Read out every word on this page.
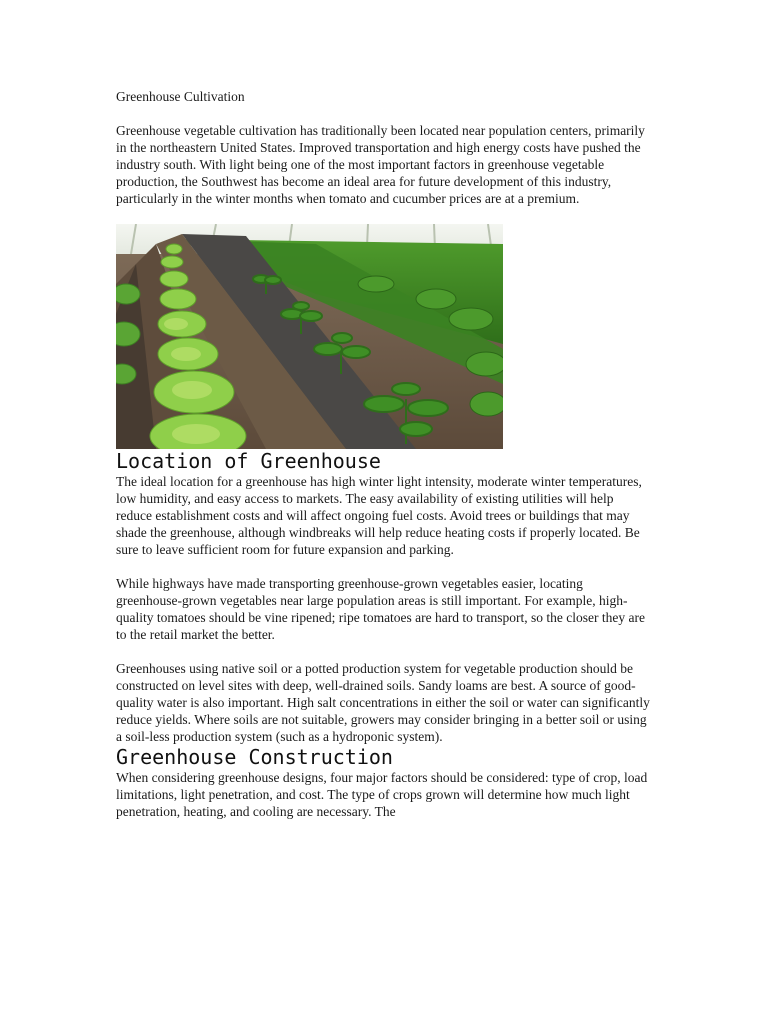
Greenhouse Cultivation

Greenhouse vegetable cultivation has traditionally been located near population centers, primarily in the northeastern United States. Improved transportation and high energy costs have pushed the industry south. With light being one of the most important factors in greenhouse vegetable production, the Southwest has become an ideal area for future development of this industry, particularly in the winter months when tomato and cucumber prices are at a premium.

Location of Greenhouse

The ideal location for a greenhouse has high winter light intensity, moderate winter temperatures, low humidity, and easy access to markets. The easy availability of existing utilities will help reduce establishment costs and will affect ongoing fuel costs. Avoid trees or buildings that may shade the greenhouse, although windbreaks will help reduce heating costs if properly located. Be sure to leave sufficient room for future expansion and parking.

While highways have made transporting greenhouse-grown vegetables easier, locating greenhouse-grown vegetables near large population areas is still important. For example, high-quality tomatoes should be vine ripened; ripe tomatoes are hard to transport, so the closer they are to the retail market the better.

Greenhouses using native soil or a potted production system for vegetable production should be constructed on level sites with deep, well-drained soils. Sandy loams are best. A source of good-quality water is also important. High salt concentrations in either the soil or water can significantly reduce yields. Where soils are not suitable, growers may consider bringing in a better soil or using a soil-less production system (such as a hydroponic system).

Greenhouse Construction

When considering greenhouse designs, four major factors should be considered: type of crop, load limitations, light penetration, and cost. The type of crops grown will determine how much light penetration, heating, and cooling are necessary. The
